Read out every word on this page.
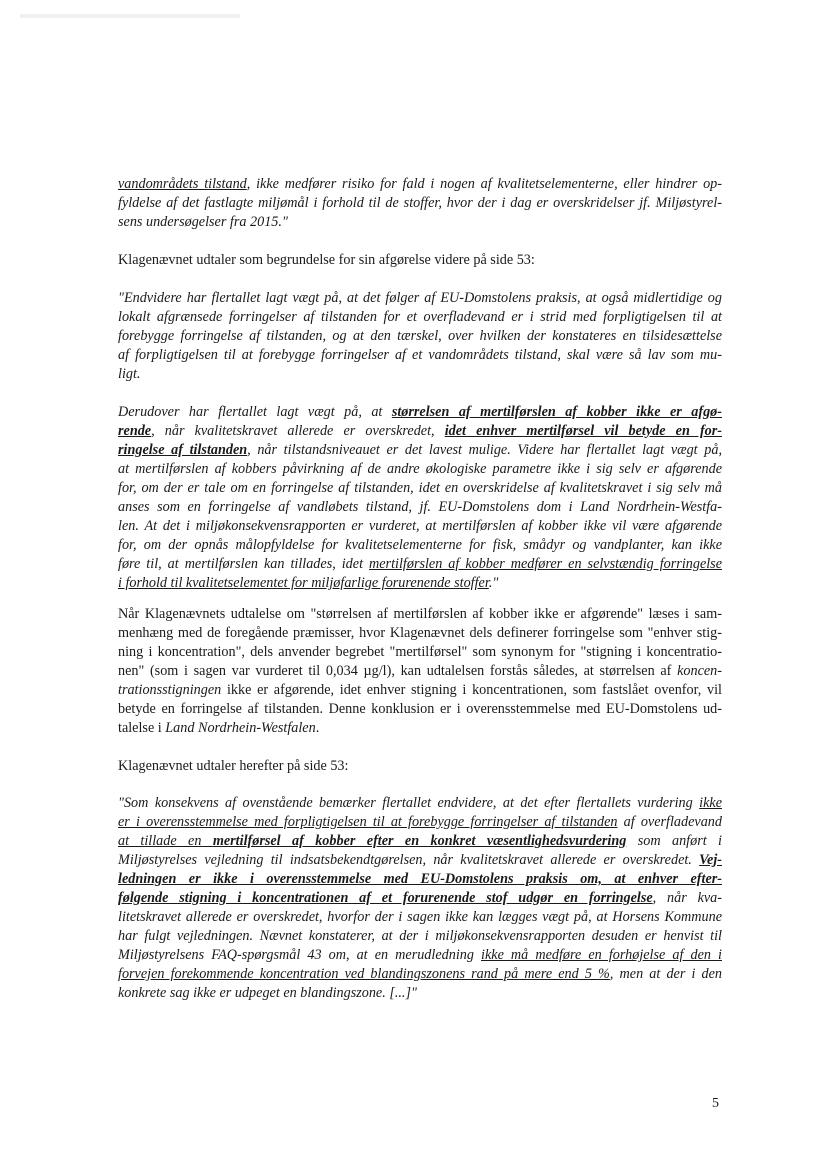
vandområdets tilstand, ikke medfører risiko for fald i nogen af kvalitetselementerne, eller hindrer op-
fyldelse af det fastlagte miljømål i forhold til de stoffer, hvor der i dag er overskridelser jf. Miljøstyrel-
sens undersøgelser fra 2015."
Klagenævnet udtaler som begrundelse for sin afgørelse videre på side 53:
"Endvidere har flertallet lagt vægt på, at det følger af EU-Domstolens praksis, at også midlertidige og
lokalt afgrænsede forringelser af tilstanden for et overfladevand er i strid med forpligtigelsen til at
forebygge forringelse af tilstanden, og at den tærskel, over hvilken der konstateres en tilsidesættelse
af forpligtigelsen til at forebygge forringelser af et vandområdets tilstand, skal være så lav som mu-
ligt.
Derudover har flertallet lagt vægt på, at størrelsen af mertilførslen af kobber ikke er afgø-
rende, når kvalitetskravet allerede er overskredet, idet enhver mertilførsel vil betyde en for-
ringelse af tilstanden, når tilstandsniveauet er det lavest mulige. Videre har flertallet lagt vægt på,
at mertilførslen af kobbers påvirkning af de andre økologiske parametre ikke i sig selv er afgørende
for, om der er tale om en forringelse af tilstanden, idet en overskridelse af kvalitetskravet i sig selv må
anses som en forringelse af vandløbets tilstand, jf. EU-Domstolens dom i Land Nordrhein-Westfa-
len. At det i miljøkonsekvensrapporten er vurderet, at mertilførslen af kobber ikke vil være afgørende
for, om der opnås målopfyldelse for kvalitetselementerne for fisk, smådyr og vandplanter, kan ikke
føre til, at mertilførslen kan tillades, idet mertilførslen af kobber medfører en selvstændig forringelse
i forhold til kvalitetselementet for miljøfarlige forurenende stoffer."
Når Klagenævnets udtalelse om "størrelsen af mertilførslen af kobber ikke er afgørende" læses i sam-
menhæng med de foregående præmisser, hvor Klagenævnet dels definerer forringelse som "enhver stig-
ning i koncentration", dels anvender begrebet "mertilførsel" som synonym for "stigning i koncentratio-
nen" (som i sagen var vurderet til 0,034 µg/l), kan udtalelsen forstås således, at størrelsen af koncen-
trationsstigningen ikke er afgørende, idet enhver stigning i koncentrationen, som fastslået ovenfor, vil
betyde en forringelse af tilstanden. Denne konklusion er i overensstemmelse med EU-Domstolens ud-
talelse i Land Nordrhein-Westfalen.
Klagenævnet udtaler herefter på side 53:
"Som konsekvens af ovenstående bemærker flertallet endvidere, at det efter flertallets vurdering ikke
er i overensstemmelse med forpligtigelsen til at forebygge forringelser af tilstanden af overfladevand
at tillade en mertilførsel af kobber efter en konkret væsentlighedsvurdering som anført i
Miljøstyrelses vejledning til indsatsbekendtgørelsen, når kvalitetskravet allerede er overskredet. Vej-
ledningen er ikke i overensstemmelse med EU-Domstolens praksis om, at enhver efter-
følgende stigning i koncentrationen af et forurenende stof udgør en forringelse, når kva-
litetskravet allerede er overskredet, hvorfor der i sagen ikke kan lægges vægt på, at Horsens Kommune
har fulgt vejledningen. Nævnet konstaterer, at der i miljøkonsekvensrapporten desuden er henvist til
Miljøstyrelsens FAQ-spørgsmål 43 om, at en merudledning ikke må medføre en forhøjelse af den i
forvejen forekommende koncentration ved blandingszonens rand på mere end 5 %, men at der i den
konkrete sag ikke er udpeget en blandingszone. [...]"
5
